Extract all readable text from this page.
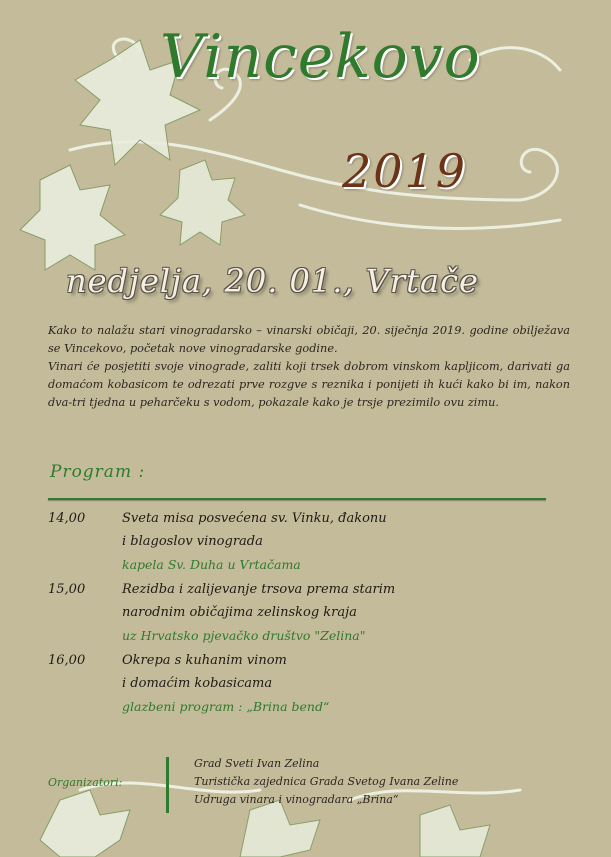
Vincekovo
2019
nedjelja, 20. 01., Vrtače

Kako to nalažu stari vinogradarsko – vinarski običaji, 20. siječnja 2019. godine obilježava se Vincekovo, početak nove vinogradarske godine.

Vinari će posjetiti svoje vinograde, zaliti koji trsek dobrom vinskom kapljicom, darivati ga domaćom kobasicom te odrezati prve rozgve s reznika i ponijeti ih kući kako bi im, nakon dva-tri tjedna u peharčeku s vodom, pokazale kako je trsje prezimilo ovu zimu.

Program :
14,00	Sveta misa posvećena sv. Vinku, đakonu
i blagoslov vinograda
kapela Sv. Duha u Vrtačama
15,00	Rezidba i zalijevanje trsova prema starim
narodnim običajima zelinskog kraja
uz Hrvatsko pjevačko društvo "Zelina"
16,00	Okrepa s kuhanim vinom
i domaćim kobasicama
glazbeni program : „Brina bend“
Organizatori:
Grad Sveti Ivan Zelina
Turistička zajednica Grada Svetog Ivana Zeline
Udruga vinara i vinogradara „Brina“
